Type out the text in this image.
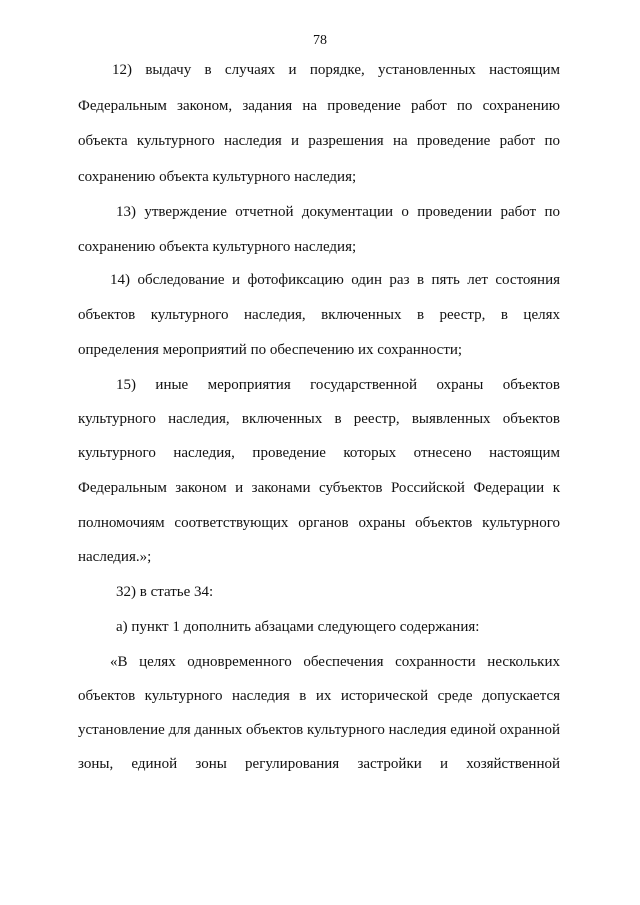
78
12) выдачу в случаях и порядке, установленных настоящим
Федеральным законом, задания на проведение работ по сохранению
объекта культурного наследия и разрешения на проведение работ по
сохранению объекта культурного наследия;
13) утверждение отчетной документации о проведении работ по
сохранению объекта культурного наследия;
14) обследование и фотофиксацию один раз в пять лет состояния
объектов культурного наследия, включенных в реестр, в целях
определения мероприятий по обеспечению их сохранности;
15) иные мероприятия государственной охраны объектов
культурного наследия, включенных в реестр, выявленных объектов
культурного наследия, проведение которых отнесено настоящим
Федеральным законом и законами субъектов Российской Федерации к
полномочиям соответствующих органов охраны объектов культурного
наследия.»;
32) в статье 34:
а) пункт 1 дополнить абзацами следующего содержания:
«В целях одновременного обеспечения сохранности нескольких
объектов культурного наследия в их исторической среде допускается
установление для данных объектов культурного наследия единой охранной
зоны, единой зоны регулирования застройки и хозяйственной
